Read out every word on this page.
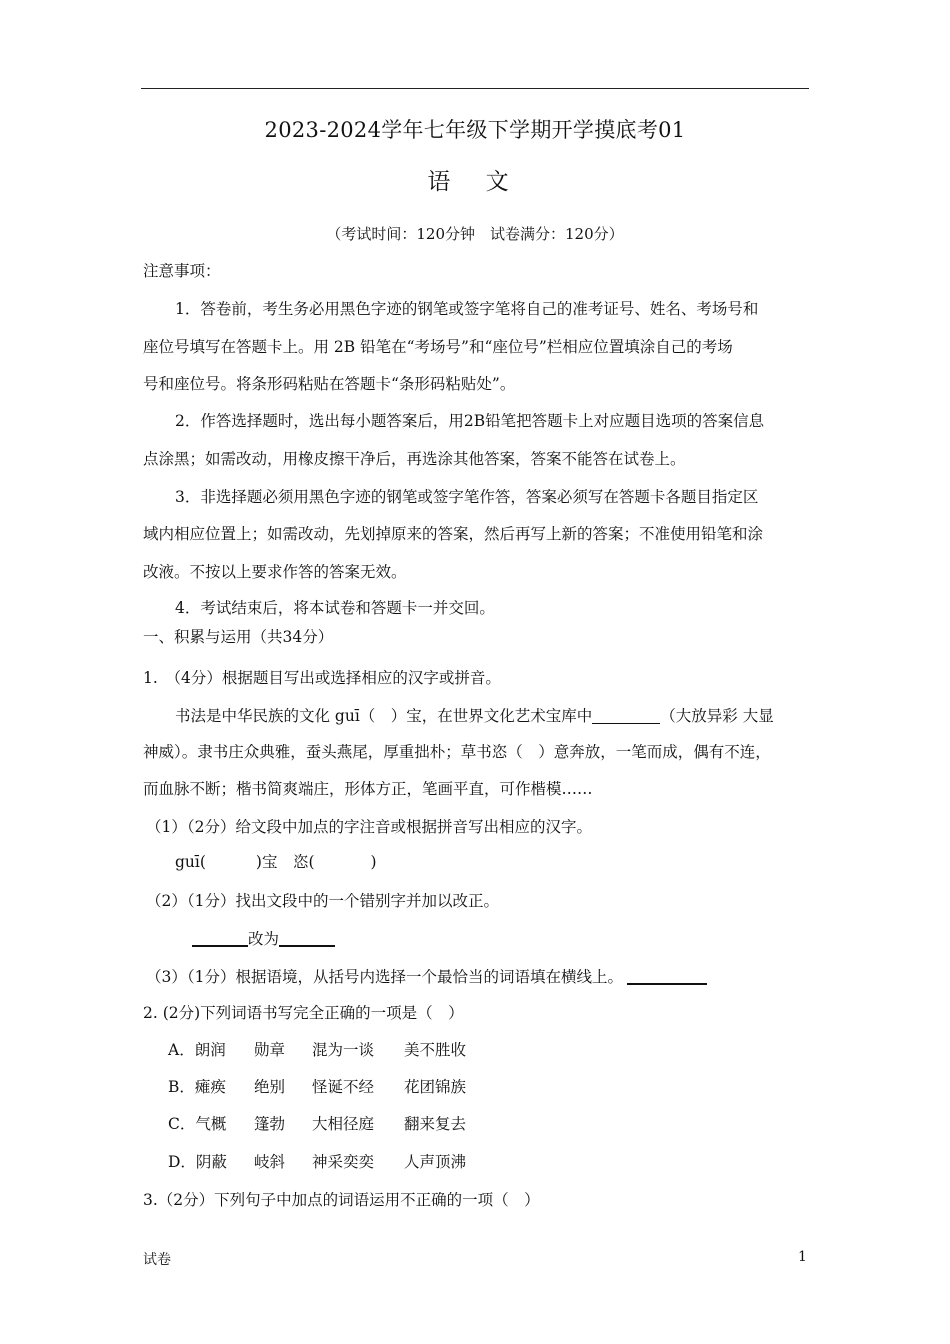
2023-2024学年七年级下学期开学摸底考01
语 文
（考试时间：120分钟　试卷满分：120分）
注意事项：
1．答卷前，考生务必用黑色字迹的钢笔或签字笔将自己的准考证号、姓名、考场号和
座位号填写在答题卡上。用 2B 铅笔在“考场号”和“座位号”栏相应位置填涂自己的考场
号和座位号。将条形码粘贴在答题卡“条形码粘贴处”。
2．作答选择题时，选出每小题答案后，用2B铅笔把答题卡上对应题目选项的答案信息
点涂黑；如需改动，用橡皮擦干净后，再选涂其他答案，答案不能答在试卷上。
3．非选择题必须用黑色字迹的钢笔或签字笔作答，答案必须写在答题卡各题目指定区
域内相应位置上；如需改动，先划掉原来的答案，然后再写上新的答案；不准使用铅笔和涂
改液。不按以上要求作答的答案无效。
4．考试结束后，将本试卷和答题卡一并交回。
一、积累与运用（共34分）
1.　（4分）根据题目写出或选择相应的汉字或拼音。
书法是中华民族的文化 guī（　）宝，在世界文化艺术宝库中	（大放异彩 大显
神威）。隶书庄众典雅，蚕头燕尾，厚重拙朴；草书恣（　）意奔放，一笔而成，偶有不连，
而血脉不断；楷书简爽端庄，形体方正，笔画平直，可作楷模……
（1）（2分）给文段中加点的字注音或根据拼音写出相应的汉字。
guī(	)宝　恣(	)
（2）（1分）找出文段中的一个错别字并加以改正。
改为
（3）（1分）根据语境，从括号内选择一个最恰当的词语填在横线上。
2. (2分)下列词语书写完全正确的一项是（　）
A．朗润 勋章 混为一谈 美不胜收
B．瘫痪 绝别 怪诞不经 花团锦族
C．气概 篷勃 大相径庭 翻来复去
D．阴蔽 岐斜 神采奕奕 人声顶沸
3.（2分）下列句子中加点的词语运用不正确的一项（　）
试卷	1
